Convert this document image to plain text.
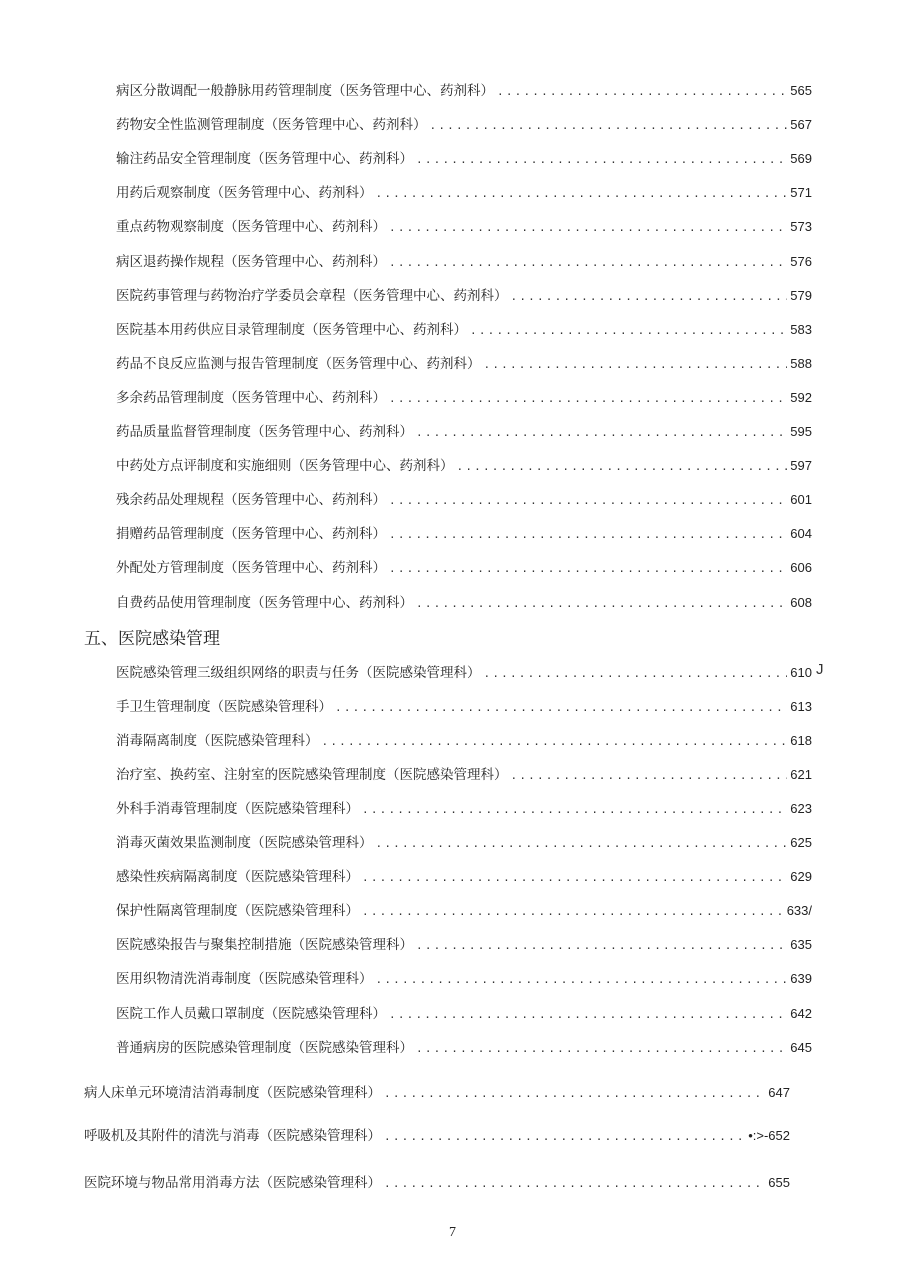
病区分散调配一般静脉用药管理制度（医务管理中心、药剂科） .....	565
药物安全性监测管理制度（医务管理中心、药剂科） .....	567
输注药品安全管理制度（医务管理中心、药剂科） .....	569
用药后观察制度（医务管理中心、药剂科） .....	571
重点药物观察制度（医务管理中心、药剂科） .....	573
病区退药操作规程（医务管理中心、药剂科） .....	576
医院药事管理与药物治疗学委员会章程（医务管理中心、药剂科） .....	579
医院基本用药供应目录管理制度（医务管理中心、药剂科） .....	583
药品不良反应监测与报告管理制度（医务管理中心、药剂科） .....	588
多余药品管理制度（医务管理中心、药剂科） .....	592
药品质量监督管理制度（医务管理中心、药剂科） .....	595
中药处方点评制度和实施细则（医务管理中心、药剂科） .....	597
残余药品处理规程（医务管理中心、药剂科） .....	601
捐赠药品管理制度（医务管理中心、药剂科） .....	604
外配处方管理制度（医务管理中心、药剂科） .....	606
自费药品使用管理制度（医务管理中心、药剂科） .....	608
医院感染管理三级组织网络的职责与任务（医院感染管理科） .....	610
手卫生管理制度（医院感染管理科） .....	613
消毒隔离制度（医院感染管理科） .....	618
治疗室、换药室、注射室的医院感染管理制度（医院感染管理科） .....	621
外科手消毒管理制度（医院感染管理科） .....	623
消毒灭菌效果监测制度（医院感染管理科） .....	625
感染性疾病隔离制度（医院感染管理科） .....	629
保护性隔离管理制度（医院感染管理科） .....	633/
医院感染报告与聚集控制措施（医院感染管理科） .....	635
医用织物清洗消毒制度（医院感染管理科） .....	639
医院工作人员戴口罩制度（医院感染管理科） .....	642
普通病房的医院感染管理制度（医院感染管理科） .....	645
病人床单元环境清洁消毒制度（医院感染管理科） .....	647
呼吸机及其附件的清洗与消毒（医院感染管理科） .....	•:>-652
医院环境与物品常用消毒方法（医院感染管理科） .....	655
五、医院感染管理
J
7
